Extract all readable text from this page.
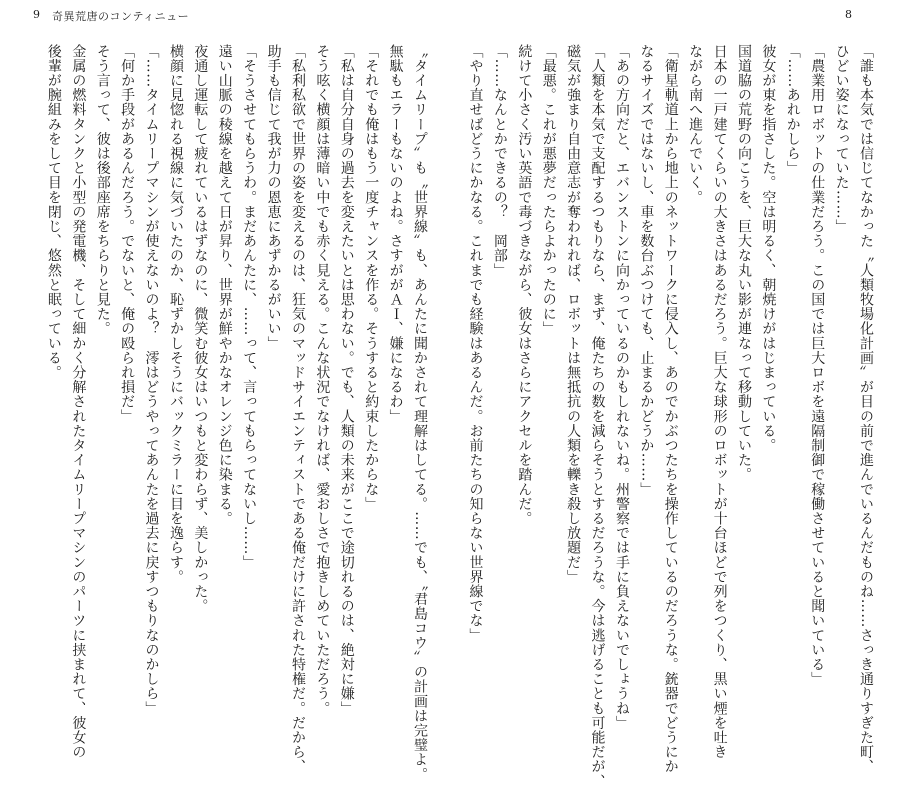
9 奇異荒唐のコンティニュー
〝タイムリープ〟も〝世界線〟も、あんたに聞かされて理解はしてる。……でも、〝君島コウ〟の計画は完璧よ。
無駄もエラーもないのよね。さすががＡＩ、嫌になるわ」
「それでも俺はもう一度チャンスを作る。そうすると約束したからな」
「私は自分自身の過去を変えたいとは思わない。でも、人類の未来がここで途切れるのは、絶対に嫌」
そう呟く横顔は薄暗い中でも赤く見える。こんな状況でなければ、愛おしさで抱きしめていただろう。
「私利私欲で世界の姿を変えるのは、狂気のマッドサイエンティストである俺だけに許された特権だ。だから、
助手も信じて我が力の恩恵にあずかるがいい」
「そうさせてもらうわ。まだあんたに、……って、言ってもらってないし……」
遠い山脈の稜線を越えて日が昇り、世界が鮮やかなオレンジ色に染まる。
夜通し運転して疲れているはずなのに、微笑む彼女はいつもと変わらず、美しかった。
横顔に見惚れる視線に気づいたのか、恥ずかしそうにバックミラーに目を逸らす。
「……タイムリープマシンが使えないのよ？　澪はどうやってあんたを過去に戻すつもりなのかしら」
「何か手段があるんだろう。でないと、俺の殴られ損だ」
そう言って、彼は後部座席をちらりと見た。
金属の燃料タンクと小型の発電機、そして細かく分解されたタイムリープマシンのパーツに挟まれて、彼女の
後輩が腕組みをして目を閉じ、悠然と眠っている。	「誰も本気では信じてなかった〝人類牧場化計画〟が目の前で進んでいるんだものね……さっき通りすぎた町、
ひどい姿になっていた……」
「農業用ロボットの仕業だろう。この国では巨大ロボを遠隔制御で稼働させていると聞いている」
「……あれかしら」
彼女が東を指さした。空は明るく、朝焼けがはじまっている。
国道脇の荒野の向こうを、巨大な丸い影が連なって移動していた。
日本の一戸建てくらいの大きさはあるだろう。巨大な球形のロボットが十台ほどで列をつくり、黒い煙を吐き
ながら南へ進んでいく。
「衛星軌道上から地上のネットワークに侵入し、あのでかぶつたちを操作しているのだろうな。銃器でどうにか
なるサイズではないし、車を数台ぶつけても、止まるかどうか……」
「あの方向だと、エバンストンに向かっているのかもしれないね。州警察では手に負えないでしょうね」
「人類を本気で支配するつもりなら、まず、俺たちの数を減らそうとするだろうな。今は逃げることも可能だが、
磁気が強まり自由意志が奪われれば、ロボットは無抵抗の人類を轢き殺し放題だ」
「最悪。これが悪夢だったらよかったのに」
続けて小さく汚い英語で毒づきながら、彼女はさらにアクセルを踏んだ。
「……なんとかできるの？　岡部」
「やり直せばどうにかなる。これまでも経験はあるんだ。お前たちの知らない世界線でな」
8
